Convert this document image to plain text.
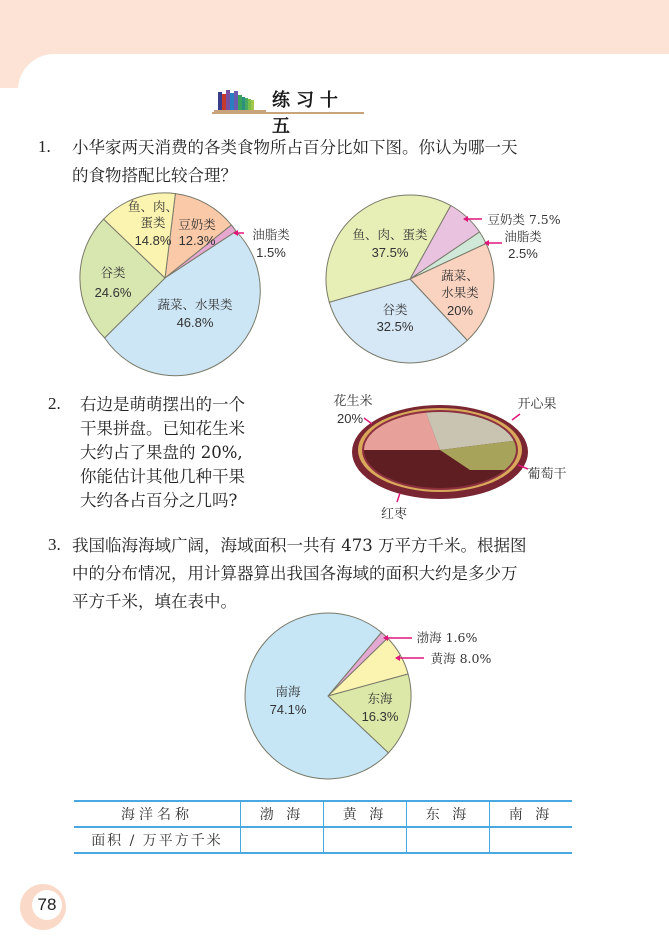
练习十五
1. 小华家两天消费的各类食物所占百分比如下图。你认为哪一天
的食物搭配比较合理？
鱼、肉、
蛋类
14.8%
豆奶类
12.3%	油脂类
1.5%
谷类
24.6%
蔬菜、水果类
46.8%
鱼、肉、蛋类
37.5%
豆奶类 7.5%
油脂类
2.5%
蔬菜、
水果类
20%
谷类
32.5%
2. 右边是萌萌摆出的一个
干果拼盘。已知花生米
大约占了果盘的 20%,
你能估计其他几种干果
大约各占百分之几吗?
花生米
20%
开心果
葡萄干
红枣
3. 我国临海海域广阔，海域面积一共有 473 万平方千米。根据图
中的分布情况，用计算器算出我国各海域的面积大约是多少万
平方千米，填在表中。
渤海 1.6%
黄海 8.0%
东海
16.3%
南海
74.1%
海洋名称	渤 海	黄 海	东 海	南 海
面积 / 万平方千米				
78
